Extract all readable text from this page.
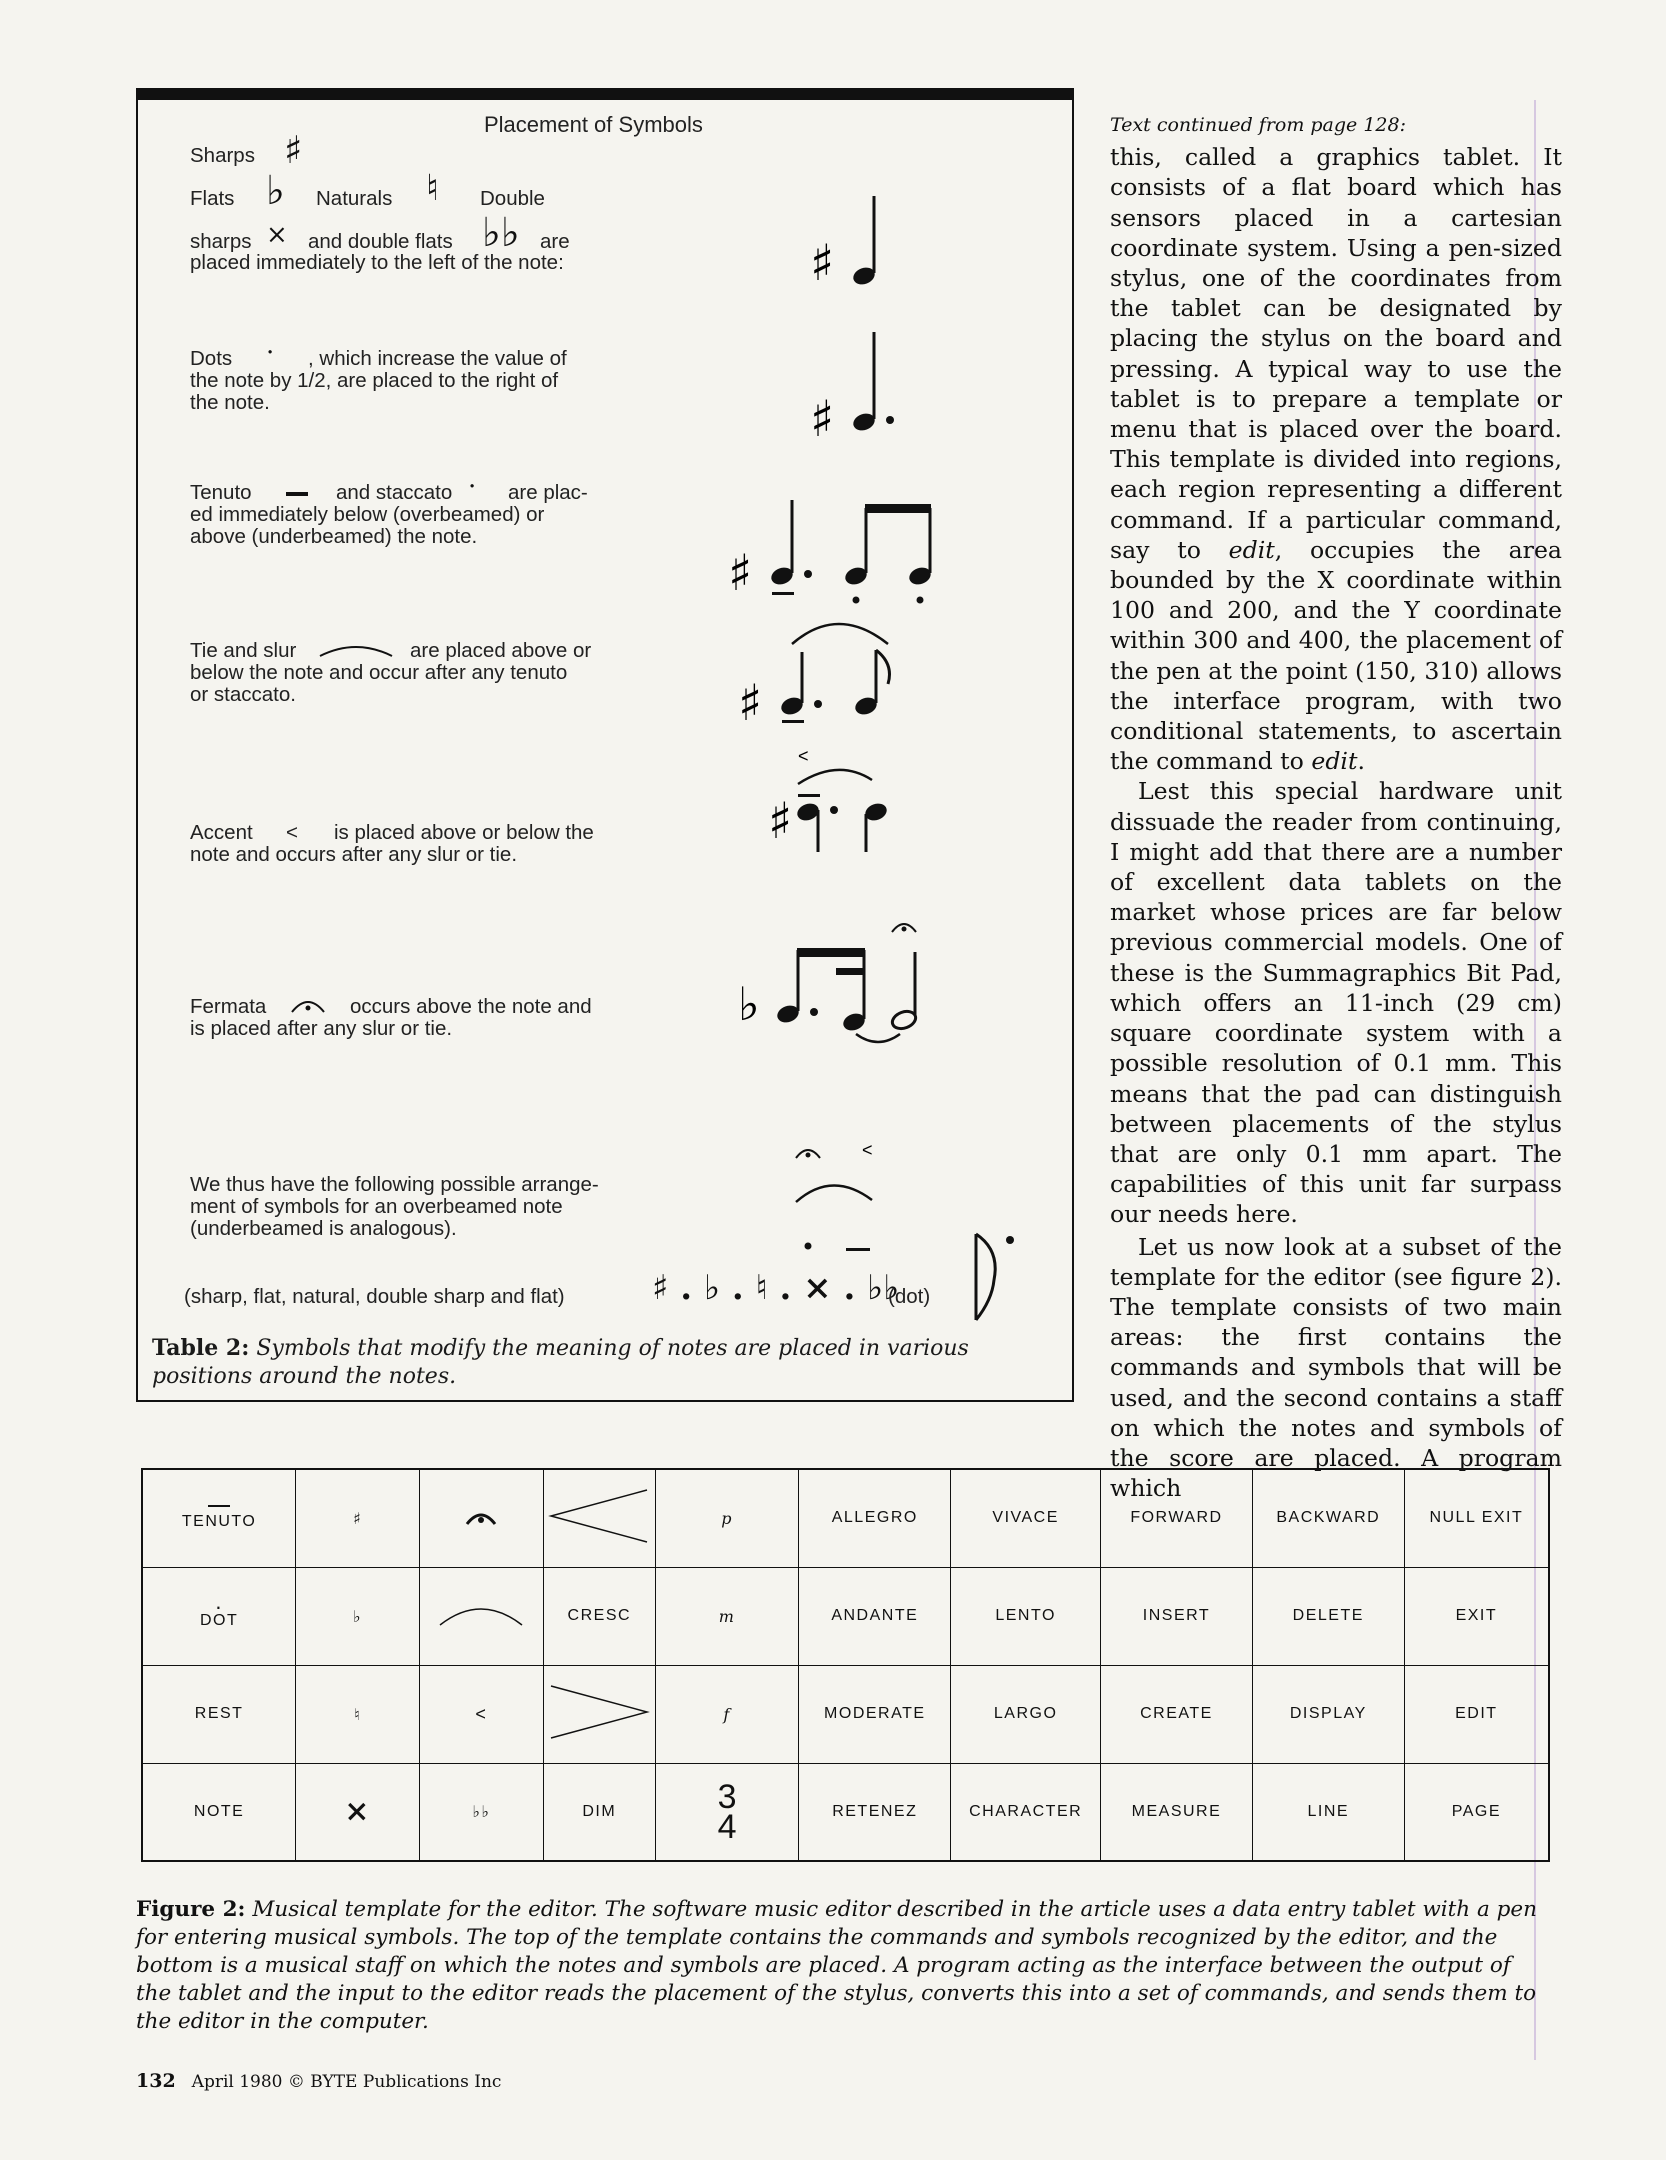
Placement of Symbols
Sharps ♯
Flats ♭ Naturals ♮ Double
sharps × and double flats ♭♭ are
placed immediately to the left of the note:	♯
Dots · , which increase the value of
the note by 1/2, are placed to the right of
the note.	♯
Tenuto	and staccato · are plac-
ed immediately below (overbeamed) or
above (underbeamed) the note.
♯
Tie and slur	are placed above or
below the note and occur after any tenuto
or staccato.	♯
Accent < is placed above or below the
note and occurs after any slur or tie.
<
♯
Fermata	occurs above the note and
is placed after any slur or tie.	♭
We thus have the following possible arrange-
ment of symbols for an overbeamed note
(underbeamed is analogous).
<
(sharp, flat, natural, double sharp and flat)	♯ . ♭ . ♮ . × . ♭♭
(dot)
Table 2: Symbols that modify the meaning of notes are placed in various positions around the notes.
Text continued from page 128:

this, called a graphics tablet. It consists of a flat board which has sensors placed in a cartesian coordinate system. Using a pen-sized stylus, one of the coordinates from the tablet can be designated by placing the stylus on the board and pressing. A typical way to use the tablet is to prepare a template or menu that is placed over the board. This template is divided into regions, each region representing a different command. If a particular command, say to edit, occupies the area bounded by the X coordinate within 100 and 200, and the Y coordinate within 300 and 400, the placement of the pen at the point (150, 310) allows the interface program, with two conditional statements, to ascertain the command to edit.

Lest this special hardware unit dissuade the reader from continuing, I might add that there are a number of excellent data tablets on the market whose prices are far below previous commercial models. One of these is the Summagraphics Bit Pad, which offers an 11-inch (29 cm) square coordinate system with a possible resolution of 0.1 mm. This means that the pad can distinguish between placements of the stylus that are only 0.1 mm apart. The capabilities of this unit far surpass our needs here.

Let us now look at a subset of the template for the editor (see figure 2). The template consists of two main areas: the first contains the commands and symbols that will be used, and the second contains a staff on which the notes and symbols of the score are placed. A program which

TENUTO	♯			p	ALLEGRO	VIVACE	FORWARD	BACKWARD	NULL EXIT

·
DOT	♭		CRESC	m	ANDANTE	LENTO	INSERT	DELETE	EXIT
REST	♮	<		f	MODERATE	LARGO	CREATE	DISPLAY	EDIT
NOTE	×	♭♭	DIM	3
4	RETENEZ	CHARACTER	MEASURE	LINE	PAGE
Figure 2: Musical template for the editor. The software music editor described in the article uses a data entry tablet with a pen for entering musical symbols. The top of the template contains the commands and symbols recognized by the editor, and the bottom is a musical staff on which the notes and symbols are placed. A program acting as the interface between the output of the tablet and the input to the editor reads the placement of the stylus, converts this into a set of commands, and sends them to the editor in the computer.
132 April 1980 © BYTE Publications Inc
